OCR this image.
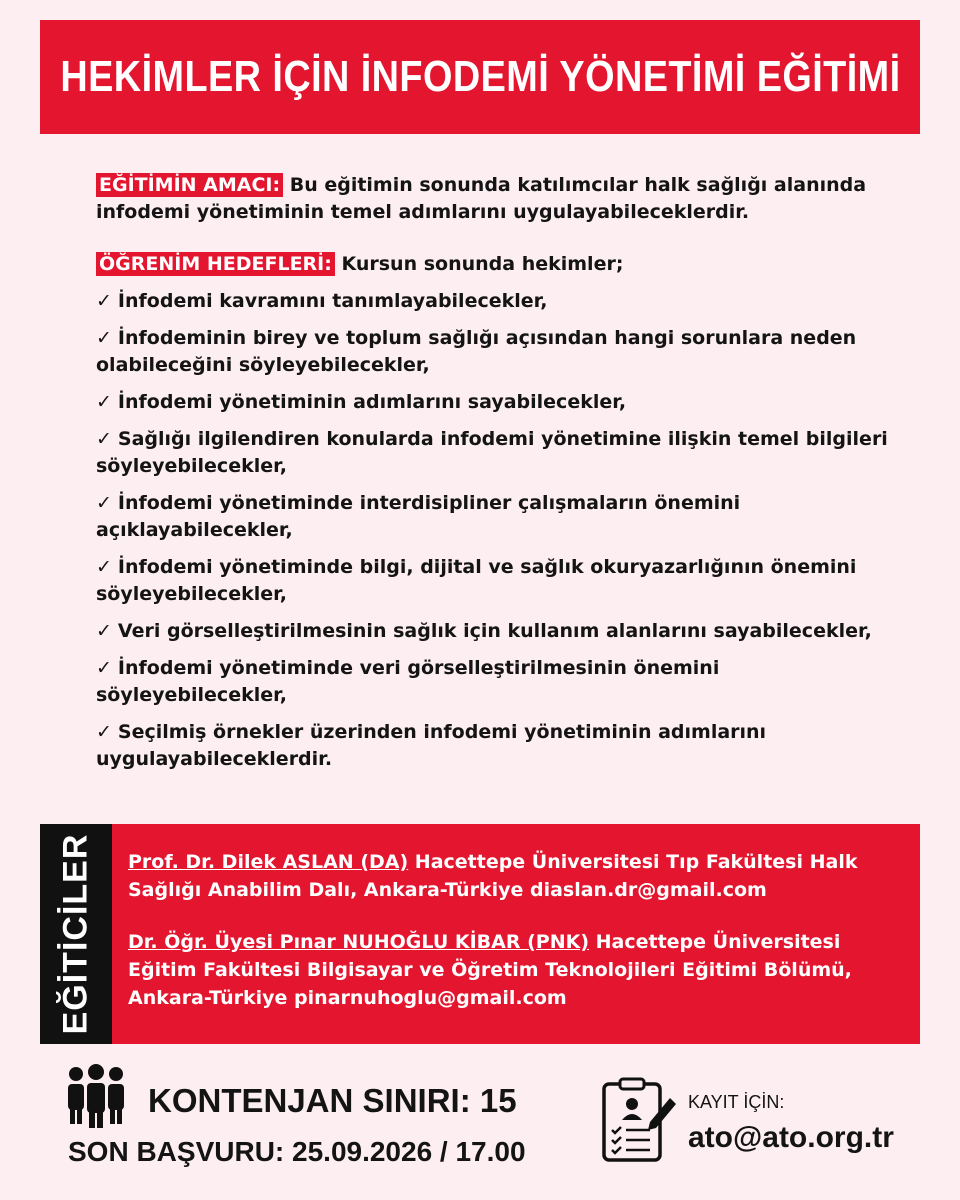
HEKİMLER İÇİN İNFODEMİ YÖNETİMİ EĞİTİMİ

EĞİTİMİN AMACI: Bu eğitimin sonunda katılımcılar halk sağlığı alanında infodemi yönetiminin temel adımlarını uygulayabileceklerdir.

ÖĞRENİM HEDEFLERİ: Kursun sonunda hekimler;

✓ İnfodemi kavramını tanımlayabilecekler,
✓ İnfodeminin birey ve toplum sağlığı açısından hangi sorunlara neden olabileceğini söyleyebilecekler,
✓ İnfodemi yönetiminin adımlarını sayabilecekler,
✓ Sağlığı ilgilendiren konularda infodemi yönetimine ilişkin temel bilgileri söyleyebilecekler,
✓ İnfodemi yönetiminde interdisipliner çalışmaların önemini açıklayabilecekler,
✓ İnfodemi yönetiminde bilgi, dijital ve sağlık okuryazarlığının önemini söyleyebilecekler,
✓ Veri görselleştirilmesinin sağlık için kullanım alanlarını sayabilecekler,
✓ İnfodemi yönetiminde veri görselleştirilmesinin önemini söyleyebilecekler,
✓ Seçilmiş örnekler üzerinden infodemi yönetiminin adımlarını uygulayabileceklerdir.
EĞİTİCİLER Prof. Dr. Dilek ASLAN (DA) Hacettepe Üniversitesi Tıp Fakültesi Halk Sağlığı Anabilim Dalı, Ankara-Türkiye diaslan.dr@gmail.com

Dr. Öğr. Üyesi Pınar NUHOĞLU KİBAR (PNK) Hacettepe Üniversitesi Eğitim Fakültesi Bilgisayar ve Öğretim Teknolojileri Eğitimi Bölümü, Ankara-Türkiye pinarnuhoglu@gmail.com

KONTENJAN SINIRI: 15
SON BAŞVURU: 25.09.2026 / 17.00
KAYIT İÇİN:
ato@ato.org.tr
